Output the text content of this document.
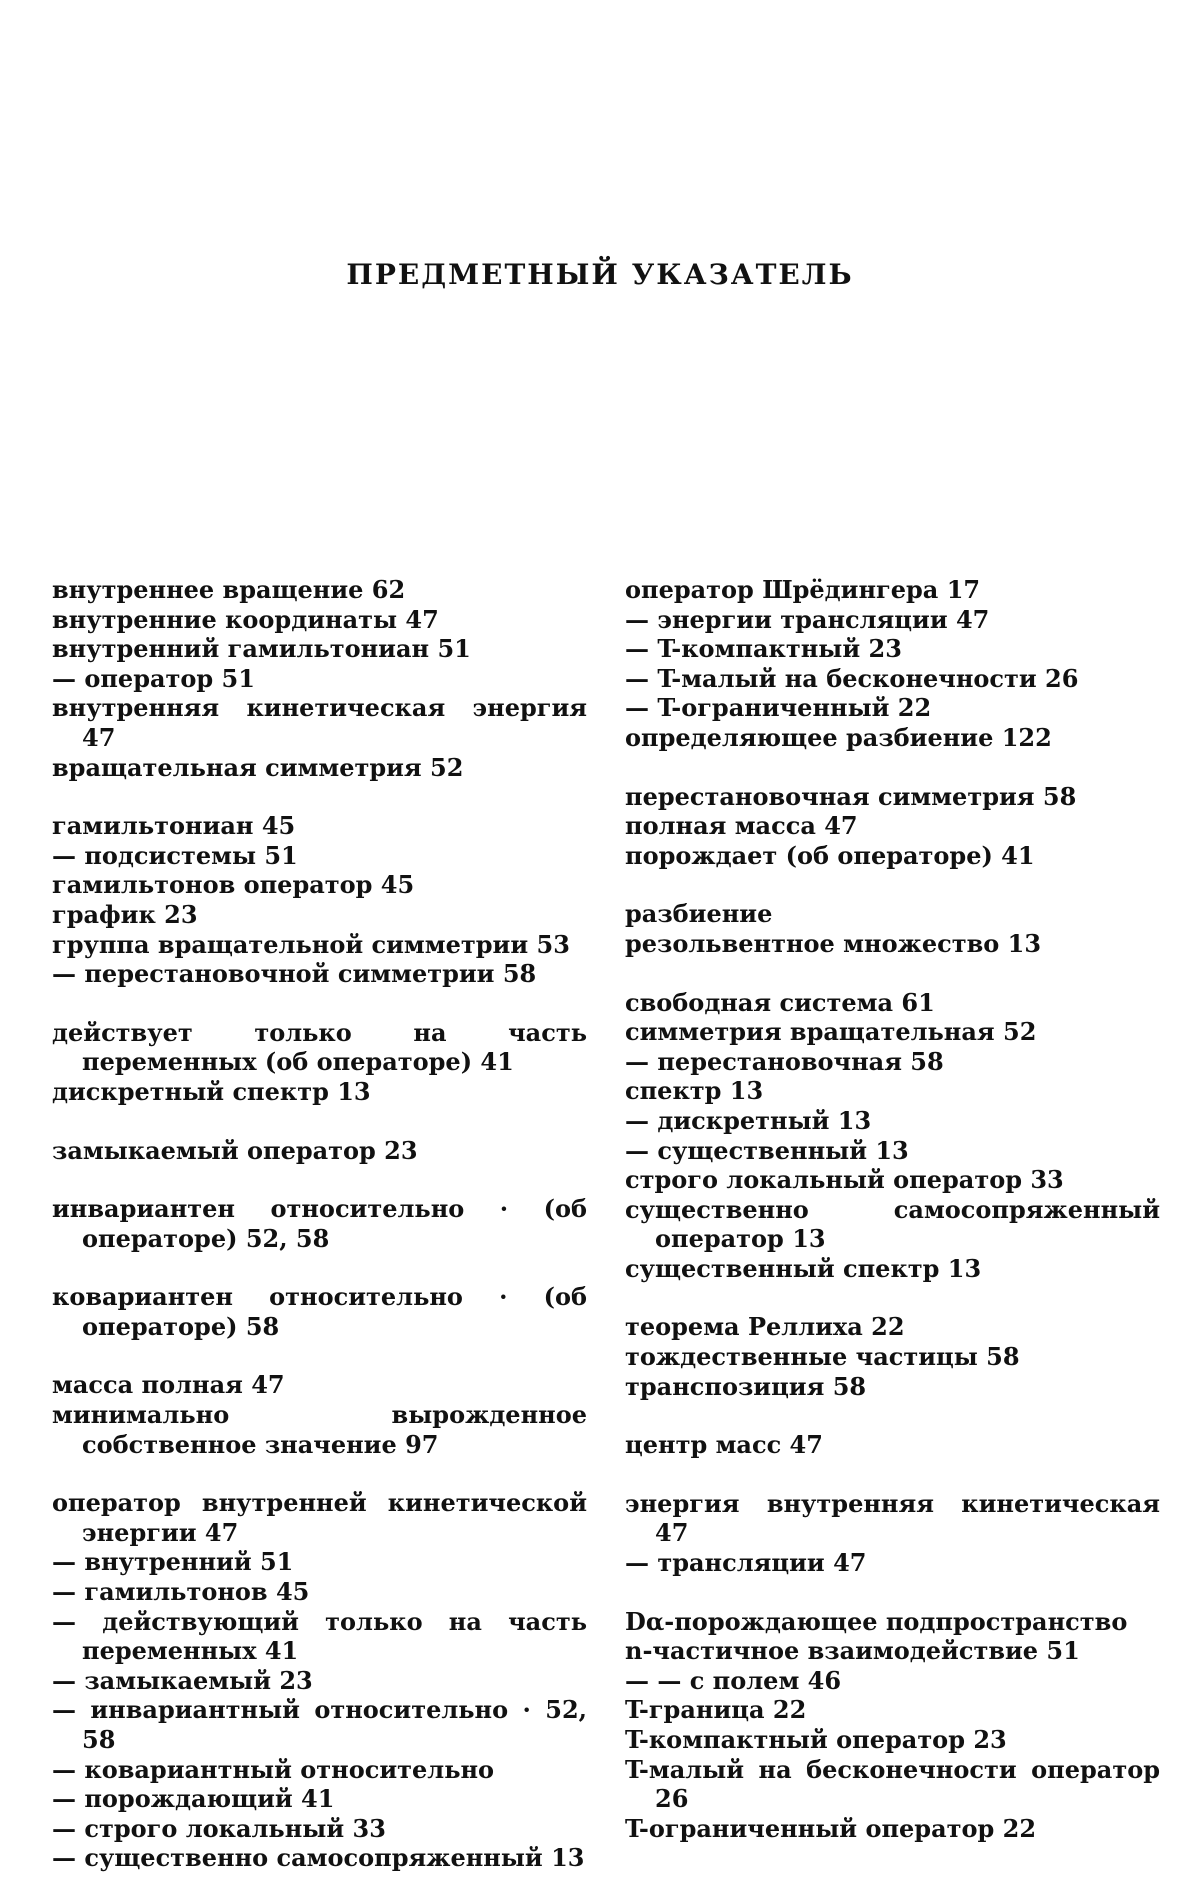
ПРЕДМЕТНЫЙ УКАЗАТЕЛЬ
внутреннее вращение 62
внутренние координаты 47
внутренний гамильтониан 51
— оператор 51
внутренняя кинетическая энергия 47
вращательная симметрия 52
гамильтониан 45
— подсистемы 51
гамильтонов оператор 45
график 23
группа вращательной симметрии 53
— перестановочной симметрии 58
действует только на часть переменных (об операторе) 41
дискретный спектр 13
замыкаемый оператор 23
инвариантен относительно · (об операторе) 52, 58
ковариантен относительно · (об операторе) 58
масса полная 47
минимально вырожденное собственное значение 97
оператор внутренней кинетической энергии 47
— внутренний 51
— гамильтонов 45
— действующий только на часть переменных 41
— замыкаемый 23
— инвариантный относительно · 52, 58
— ковариантный относительно
— порождающий 41
— строго локальный 33
— существенно самосопряженный 13
оператор Шрёдингера 17
— энергии трансляции 47
— T-компактный 23
— T-малый на бесконечности 26
— T-ограниченный 22
определяющее разбиение 122
перестановочная симметрия 58
полная масса 47
порождает (об операторе) 41
разбиение
резольвентное множество 13
свободная система 61
симметрия вращательная 52
— перестановочная 58
спектр 13
— дискретный 13
— существенный 13
строго локальный оператор 33
существенно самосопряженный оператор 13
существенный спектр 13
теорема Реллиха 22
тождественные частицы 58
транспозиция 58
центр масс 47
энергия внутренняя кинетическая 47
— трансляции 47
Dα-порождающее подпространство
n-частичное взаимодействие 51
— — с полем 46
T-граница 22
T-компактный оператор 23
T-малый на бесконечности оператор 26
T-ограниченный оператор 22
